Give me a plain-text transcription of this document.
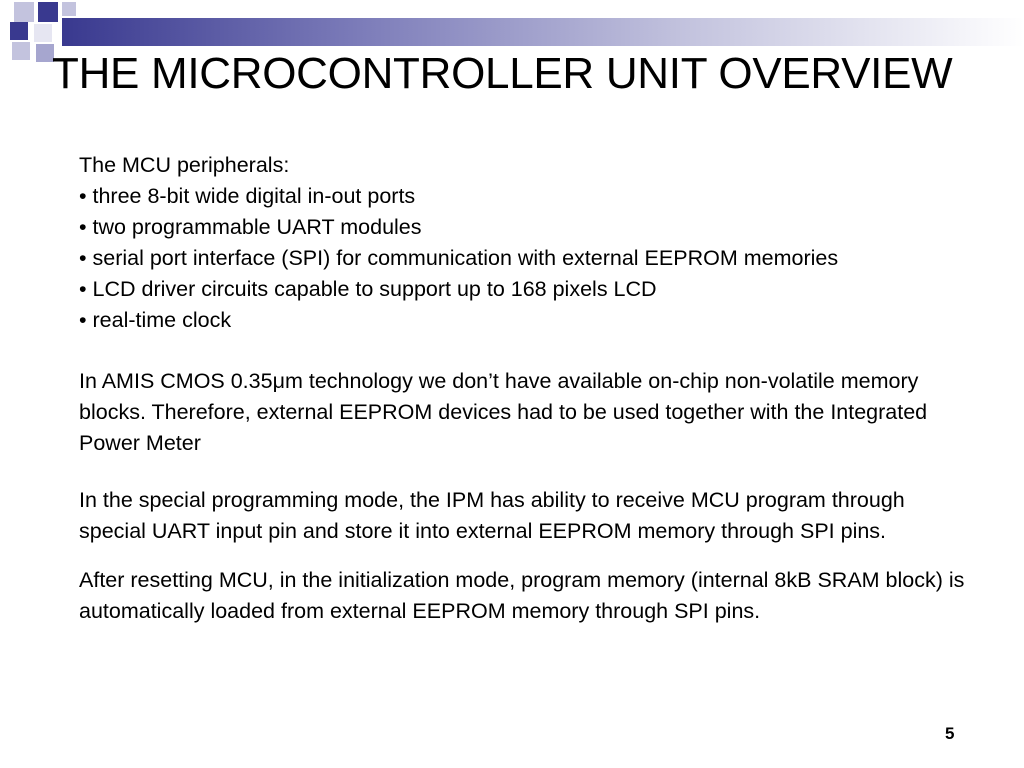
THE MICROCONTROLLER UNIT OVERVIEW

The MCU peripherals:

• three 8-bit wide digital in-out ports
• two programmable UART modules
• serial port interface (SPI) for communication with external EEPROM memories
• LCD driver circuits capable to support up to 168 pixels LCD
• real-time clock

In AMIS CMOS 0.35μm technology we don’t have available on-chip non-volatile memory blocks. Therefore, external EEPROM devices had to be used together with the Integrated Power Meter

In the special programming mode, the IPM has ability to receive MCU program through special UART input pin and store it into external EEPROM memory through SPI pins.

After resetting MCU, in the initialization mode, program memory (internal 8kB SRAM block) is automatically loaded from external EEPROM memory through SPI pins.

5
